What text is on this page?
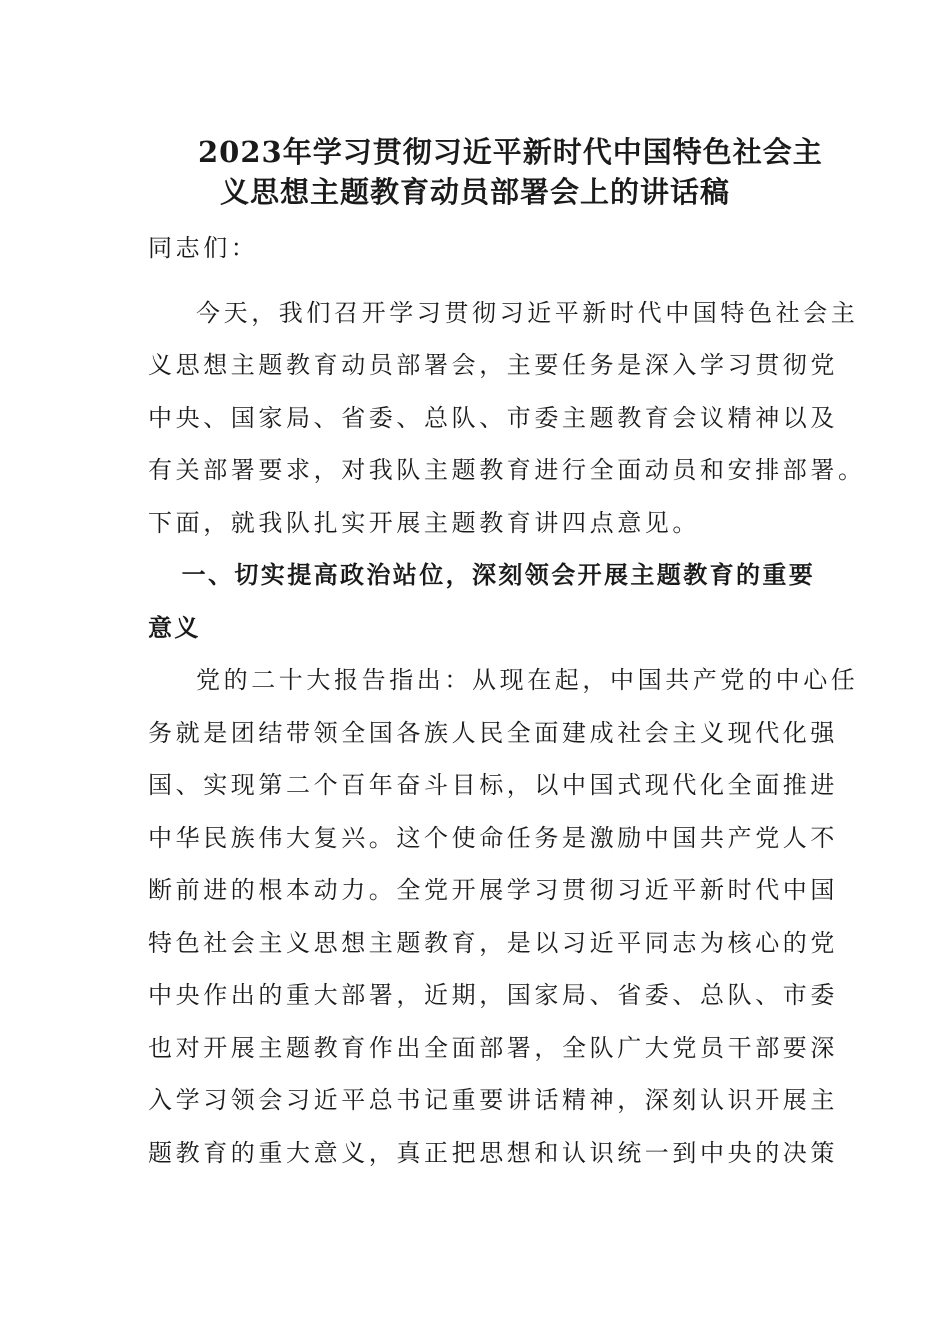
2023年学习贯彻习近平新时代中国特色社会主
义思想主题教育动员部署会上的讲话稿

同志们：

今天，我们召开学习贯彻习近平新时代中国特色社会主
义思想主题教育动员部署会，主要任务是深入学习贯彻党
中央、国家局、省委、总队、市委主题教育会议精神以及
有关部署要求，对我队主题教育进行全面动员和安排部署。
下面，就我队扎实开展主题教育讲四点意见。

一、切实提高政治站位，深刻领会开展主题教育的重要
意义

党的二十大报告指出：从现在起，中国共产党的中心任
务就是团结带领全国各族人民全面建成社会主义现代化强
国、实现第二个百年奋斗目标，以中国式现代化全面推进
中华民族伟大复兴。这个使命任务是激励中国共产党人不
断前进的根本动力。全党开展学习贯彻习近平新时代中国
特色社会主义思想主题教育，是以习近平同志为核心的党
中央作出的重大部署，近期，国家局、省委、总队、市委
也对开展主题教育作出全面部署，全队广大党员干部要深
入学习领会习近平总书记重要讲话精神，深刻认识开展主
题教育的重大意义，真正把思想和认识统一到中央的决策
